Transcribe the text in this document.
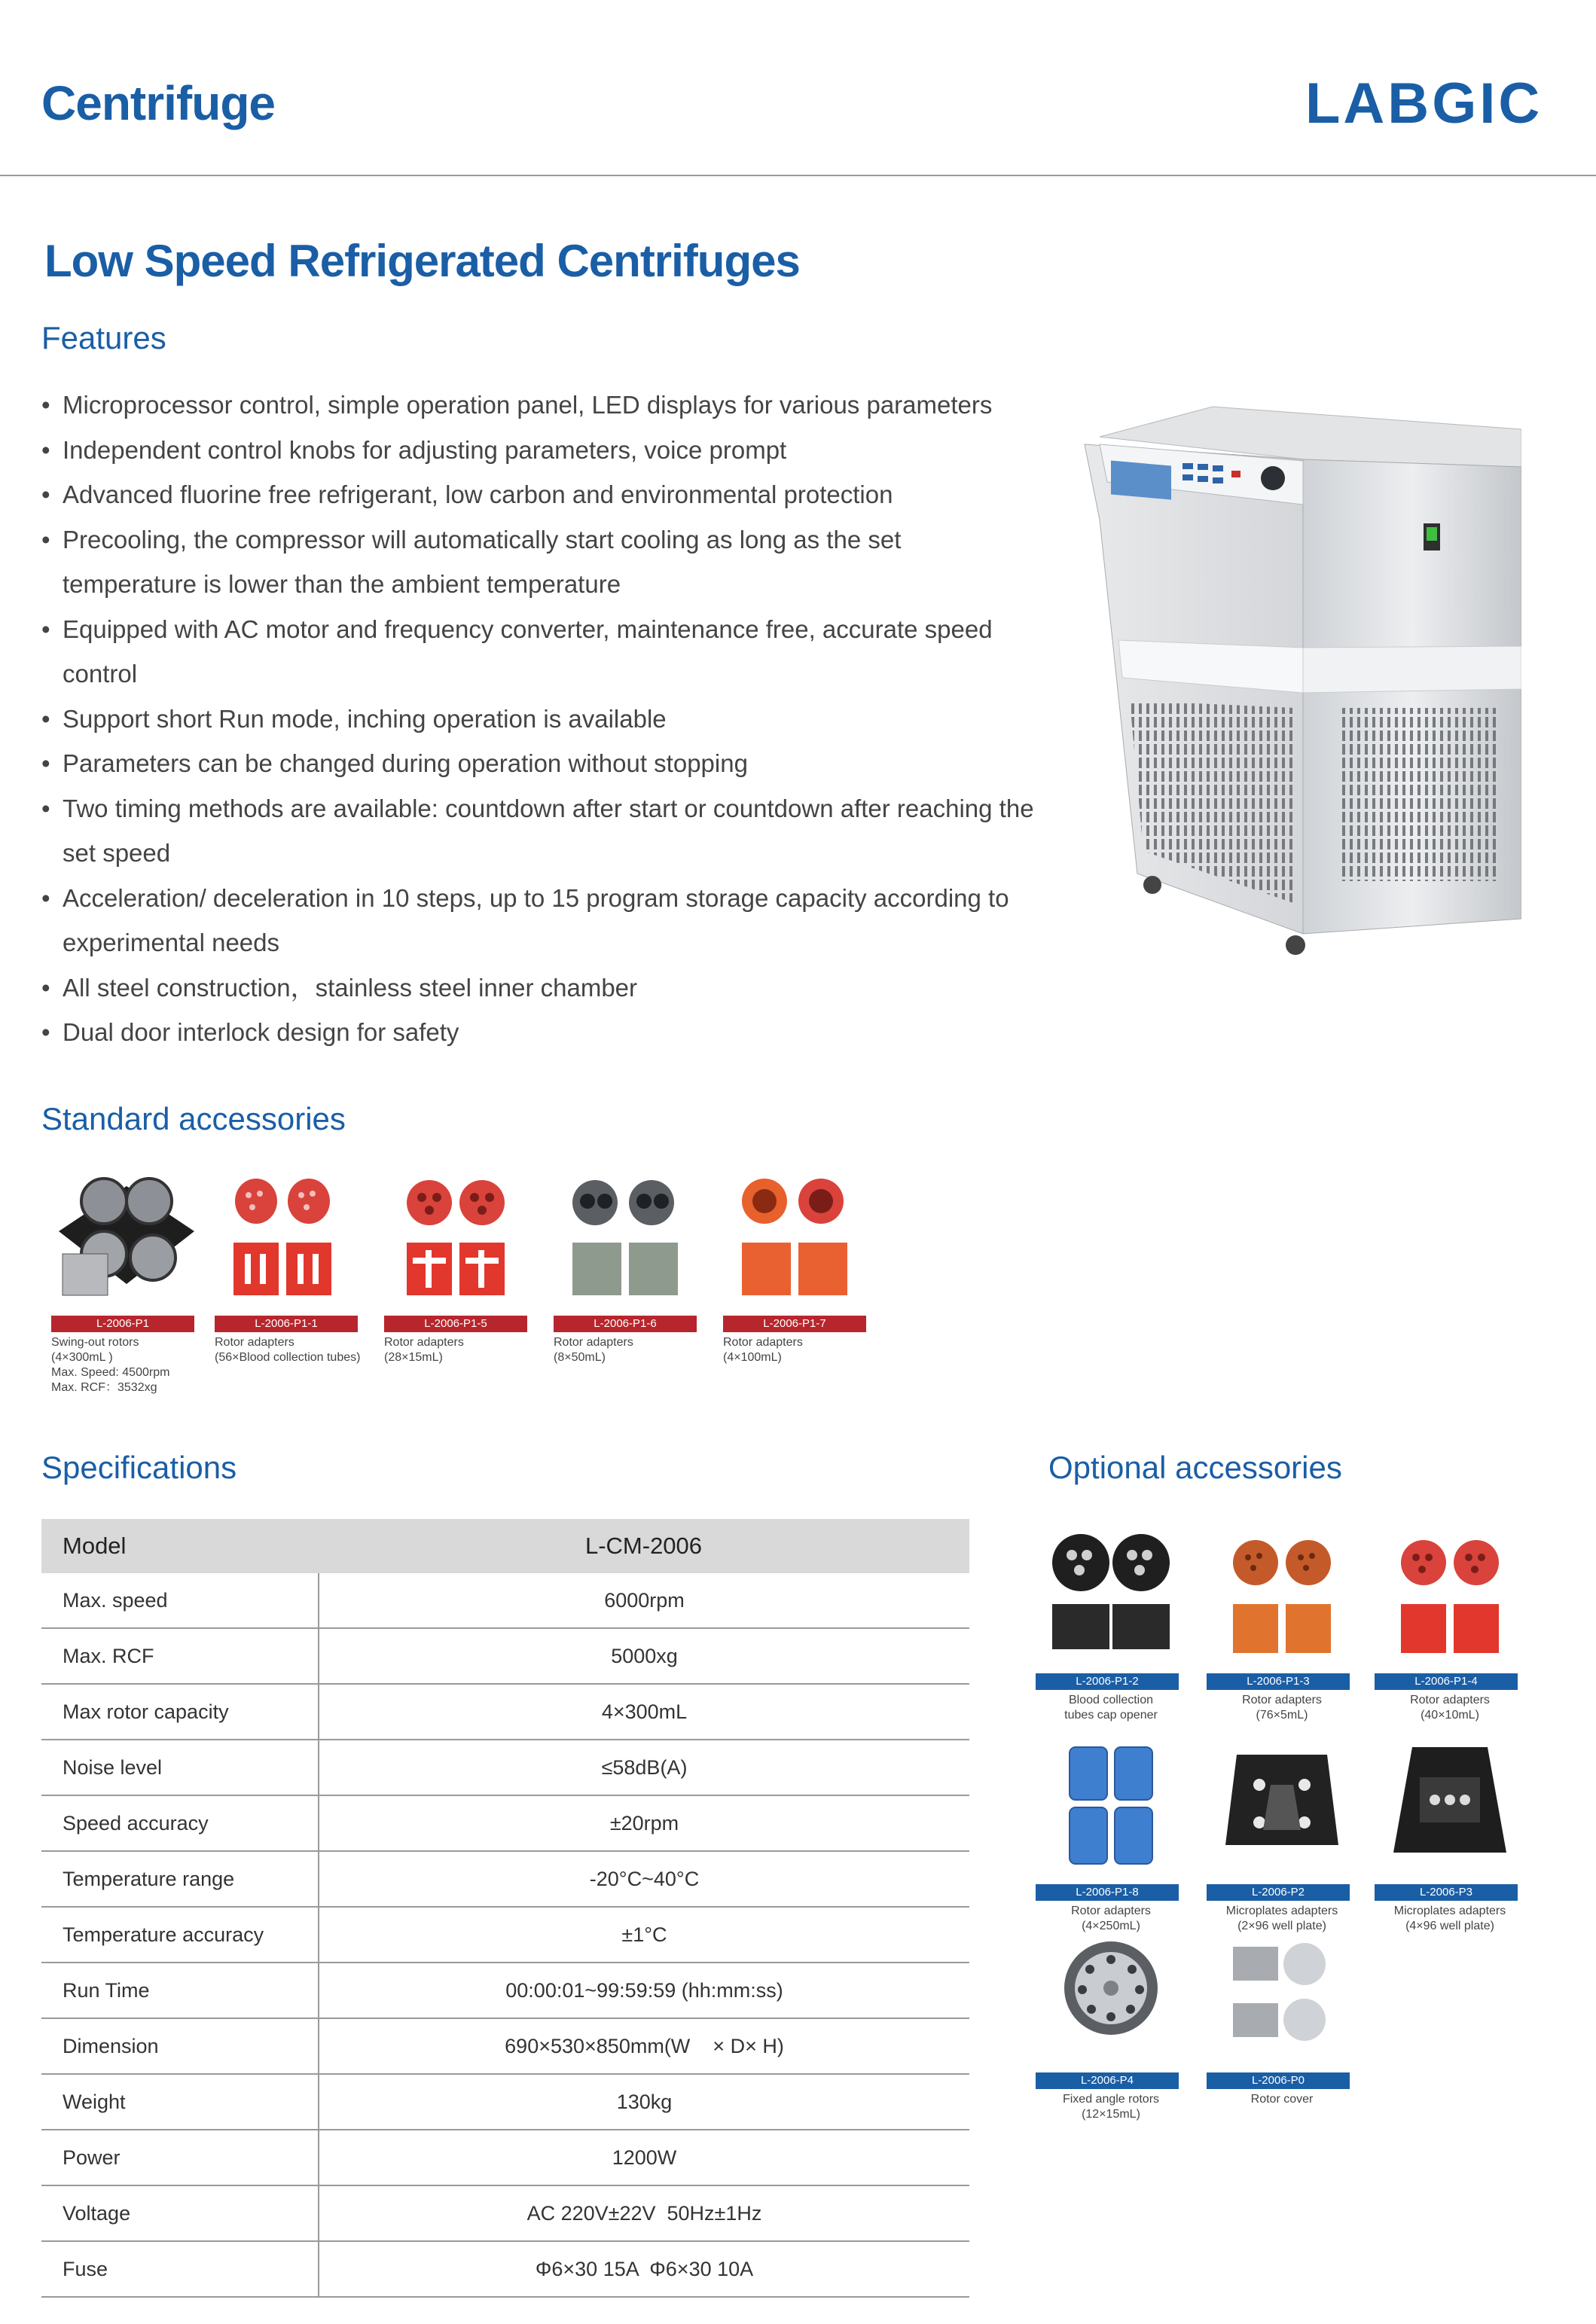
Centrifuge	LABGIC
Low Speed Refrigerated Centrifuges
Features
• Microprocessor control, simple operation panel, LED displays for various parameters
• Independent control knobs for adjusting parameters, voice prompt
• Advanced fluorine free refrigerant, low carbon and environmental protection
• Precooling, the compressor will automatically start cooling as long as the set temperature is lower than the ambient temperature
• Equipped with AC motor and frequency converter, maintenance free, accurate speed control
• Support short Run mode, inching operation is available
• Parameters can be changed during operation without stopping
• Two timing methods are available: countdown after start or countdown after reaching the set speed
• Acceleration/ deceleration in 10 steps, up to 15 program storage capacity according to experimental needs
• All steel construction，stainless steel inner chamber
• Dual door interlock design for safety
Standard accessories
L-2006-P1
Swing-out rotors
(4×300mL )
Max. Speed: 4500rpm
Max. RCF：3532xg
L-2006-P1-1
Rotor adapters
(56×Blood collection tubes)
L-2006-P1-5
Rotor adapters
(28×15mL)
L-2006-P1-6
Rotor adapters
(8×50mL)
L-2006-P1-7
Rotor adapters
(4×100mL)
Specifications
Model	L-CM-2006
Max. speed	6000rpm
Max. RCF	5000xg
Max rotor capacity	4×300mL
Noise level	≤58dB(A)
Speed accuracy	±20rpm
Temperature range	-20°C~40°C
Temperature accuracy	±1°C
Run Time	00:00:01~99:59:59 (hh:mm:ss)
Dimension	690×530×850mm(W    × D× H)
Weight	130kg
Power	1200W
Voltage	AC 220V±22V  50Hz±1Hz
Fuse	Φ6×30 15A  Φ6×30 10A
Optional accessories
L-2006-P1-2
Blood collection
tubes cap opener
L-2006-P1-3
Rotor adapters
(76×5mL)
L-2006-P1-4
Rotor adapters
(40×10mL)
L-2006-P1-8
Rotor adapters
(4×250mL)
L-2006-P2
Microplates adapters
(2×96 well plate)
L-2006-P3
Microplates adapters
(4×96 well plate)
L-2006-P4
Fixed angle rotors
(12×15mL)
L-2006-P0
Rotor cover
